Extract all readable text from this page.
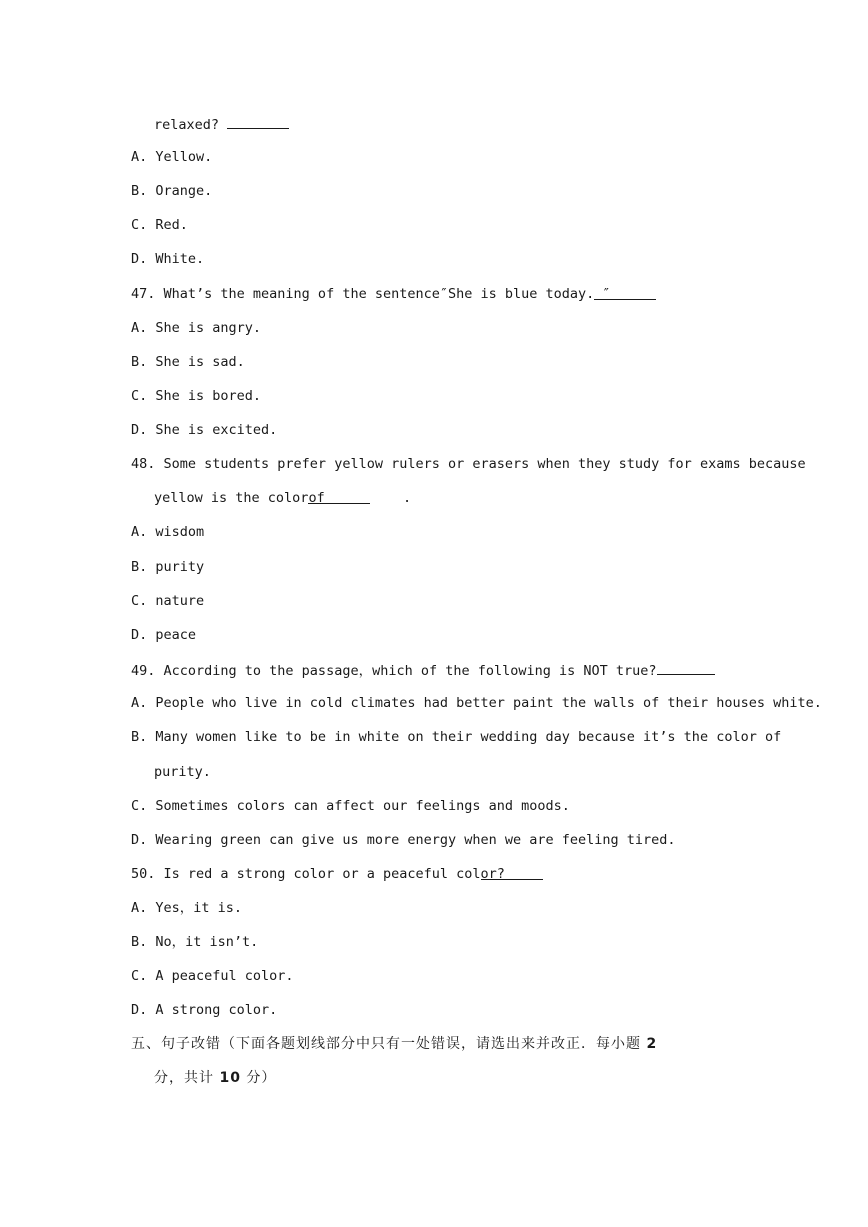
relaxed?
A. Yellow.
B. Orange.
C. Red.
D. White.
47. What’s the meaning of the sentence″She is blue today. ″
A. She is angry.
B. She is sad.
C. She is bored.
D. She is excited.
48. Some students prefer yellow rulers or erasers when they study for exams because
yellow is the colorof	.
A. wisdom
B. purity
C. nature
D. peace
49. According to the passage，which of the following is NOT true?
A. People who live in cold climates had better paint the walls of their houses white.
B. Many women like to be in white on their wedding day because it’s the color of
purity.
C. Sometimes colors can affect our feelings and moods.
D. Wearing green can give us more energy when we are feeling tired.
50. Is red a strong color or a peaceful color?
A. Yes，it is.
B. No，it isn’t.
C. A peaceful color.
D. A strong color.
五、句子改错（下面各题划线部分中只有一处错误，请选出来并改正．每小题 2
分，共计 10 分）
